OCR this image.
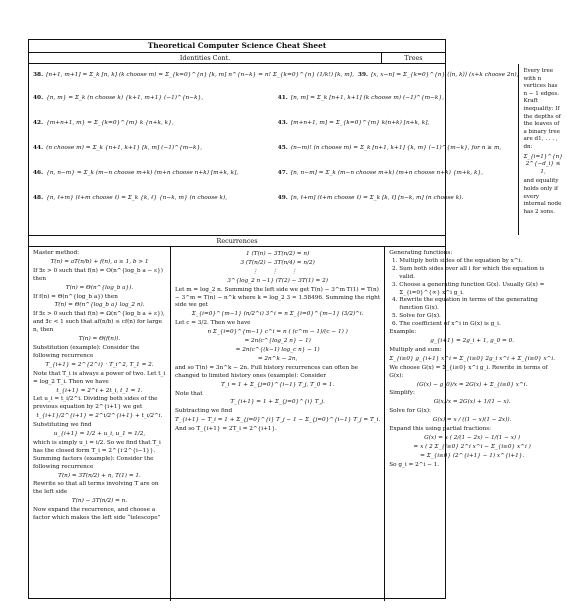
Theoretical Computer Science Cheat Sheet
Identities Cont.	Trees
38. [n+1, m+1] = Σ_k [n, k] (k choose m) = Σ_{k=0}^{n} [k, m] n^{n−k} = n! Σ_{k=0}^{n} (1/k!) [k, m], 39. [x, x−n] = Σ_{k=0}^{n} ⟨⟨n, k⟩⟩ (x+k choose 2n),
40. {n, m} = Σ_k (n choose k) {k+1, m+1} (−1)^{n−k},	41. [n, m] = Σ_k [n+1, k+1] (k choose m) (−1)^{m−k},
42. {m+n+1, m} = Σ_{k=0}^{m} k {n+k, k},	43. [m+n+1, m] = Σ_{k=0}^{m} k(n+k) [n+k, k],
44. (n choose m) = Σ_k {n+1, k+1} [k, m] (−1)^{m−k},	45. (n−m)! (n choose m) = Σ_k [n+1, k+1] {k, m} (−1)^{m−k}, for n ≥ m,
46. {n, n−m} = Σ_k (m−n choose m+k) (m+n choose n+k) [m+k, k],	47. [n, n−m] = Σ_k (m−n choose m+k) (m+n choose n+k) {m+k, k},
48. {n, ℓ+m} (ℓ+m choose ℓ) = Σ_k {k, ℓ} {n−k, m} (n choose k),	49. [n, ℓ+m] (ℓ+m choose ℓ) = Σ_k [k, ℓ] [n−k, m] (n choose k).
Every tree with n vertices has n − 1 edges.
Kraft inequality: If the depths of the leaves of a binary tree are d1, . . . , dn:
Σ_{i=1}^{n} 2^{−d_i} ≤ 1,
and equality holds only if every internal node has 2 sons.
Recurrences
Master method:
T(n) = aT(n/b) + f(n), a ≥ 1, b > 1
If ∃ε > 0 such that f(n) = O(n^{log_b a − ε}) then
T(n) = Θ(n^{log_b a}).
If f(n) = Θ(n^{log_b a}) then
T(n) = Θ(n^{log_b a} log_2 n).
If ∃ε > 0 such that f(n) = Ω(n^{log_b a + ε}), and ∃c < 1 such that af(n/b) ≤ cf(n) for large n, then
T(n) = Θ(f(n)).
Substitution (example): Consider the following recurrence
T_{i+1} = 2^{2^i} · T_i^2, T_1 = 2.
Note that T_i is always a power of two. Let t_i = log_2 T_i. Then we have
t_{i+1} = 2^i + 2t_i, t_1 = 1.
Let u_i = t_i/2^i. Dividing both sides of the previous equation by 2^{i+1} we get
t_{i+1}/2^{i+1} = 2^i/2^{i+1} + t_i/2^i.
Substituting we find
u_{i+1} = 1/2 + u_i, u_1 = 1/2,
which is simply u_i = i/2. So we find that T_i has the closed form T_i = 2^{i·2^{i−1}}. Summing factors (example): Consider the following recurrence
T(n) = 3T(n/2) + n, T(1) = 1.
Rewrite so that all terms involving T are on the left side
T(n) − 3T(n/2) = n.
Now expand the recurrence, and choose a factor which makes the left side “telescope”
1 (T(n) − 3T(n/2) = n)
3 (T(n/2) − 3T(n/4) = n/2)
⋮ ⋮ ⋮
3^{log_2 n −1} (T(2) − 3T(1) = 2)
Let m = log_2 n. Summing the left side we get T(n) − 3^m T(1) = T(n) − 3^m = T(n) − n^k where k = log_2 3 ≈ 1.58496. Summing the right side we get
Σ_{i=0}^{m−1} (n/2^i) 3^i = n Σ_{i=0}^{m−1} (3/2)^i.
Let c = 3/2. Then we have
n Σ_{i=0}^{m−1} c^i = n ( (c^m − 1)/(c − 1) )
= 2n(c^{log_2 n} − 1)
= 2n(c^{(k−1) log_c n} − 1)
= 2n^k − 2n,
and so T(n) = 3n^k − 2n. Full history recurrences can often be changed to limited history ones (example): Consider
T_i = 1 + Σ_{j=0}^{i−1} T_j, T_0 = 1.
Note that
T_{i+1} = 1 + Σ_{j=0}^{i} T_j.
Subtracting we find
T_{i+1} − T_i = 1 + Σ_{j=0}^{i} T_j − 1 − Σ_{j=0}^{i−1} T_j = T_i.
And so T_{i+1} = 2T_i = 2^{i+1}.
Generating functions:
1. Multiply both sides of the equation by x^i.
2. Sum both sides over all i for which the equation is valid.
3. Choose a generating function G(x). Usually G(x) = Σ_{i=0}^{∞} x^i g_i.
4. Rewrite the equation in terms of the generating function G(x).
5. Solve for G(x).
6. The coefficient of x^i in G(x) is g_i.
Example:
g_{i+1} = 2g_i + 1, g_0 = 0.
Multiply and sum:
Σ_{i≥0} g_{i+1} x^i = Σ_{i≥0} 2g_i x^i + Σ_{i≥0} x^i.
We choose G(x) = Σ_{i≥0} x^i g_i. Rewrite in terms of G(x):
(G(x) − g_0)/x = 2G(x) + Σ_{i≥0} x^i.
Simplify:
G(x)/x = 2G(x) + 1/(1 − x).
Solve for G(x):
G(x) = x / ((1 − x)(1 − 2x)).
Expand this using partial fractions:
G(x) = x ( 2/(1 − 2x) − 1/(1 − x) )
= x ( 2 Σ_{i≥0} 2^i x^i − Σ_{i≥0} x^i )
= Σ_{i≥0} (2^{i+1} − 1) x^{i+1}.
So g_i = 2^i − 1.
